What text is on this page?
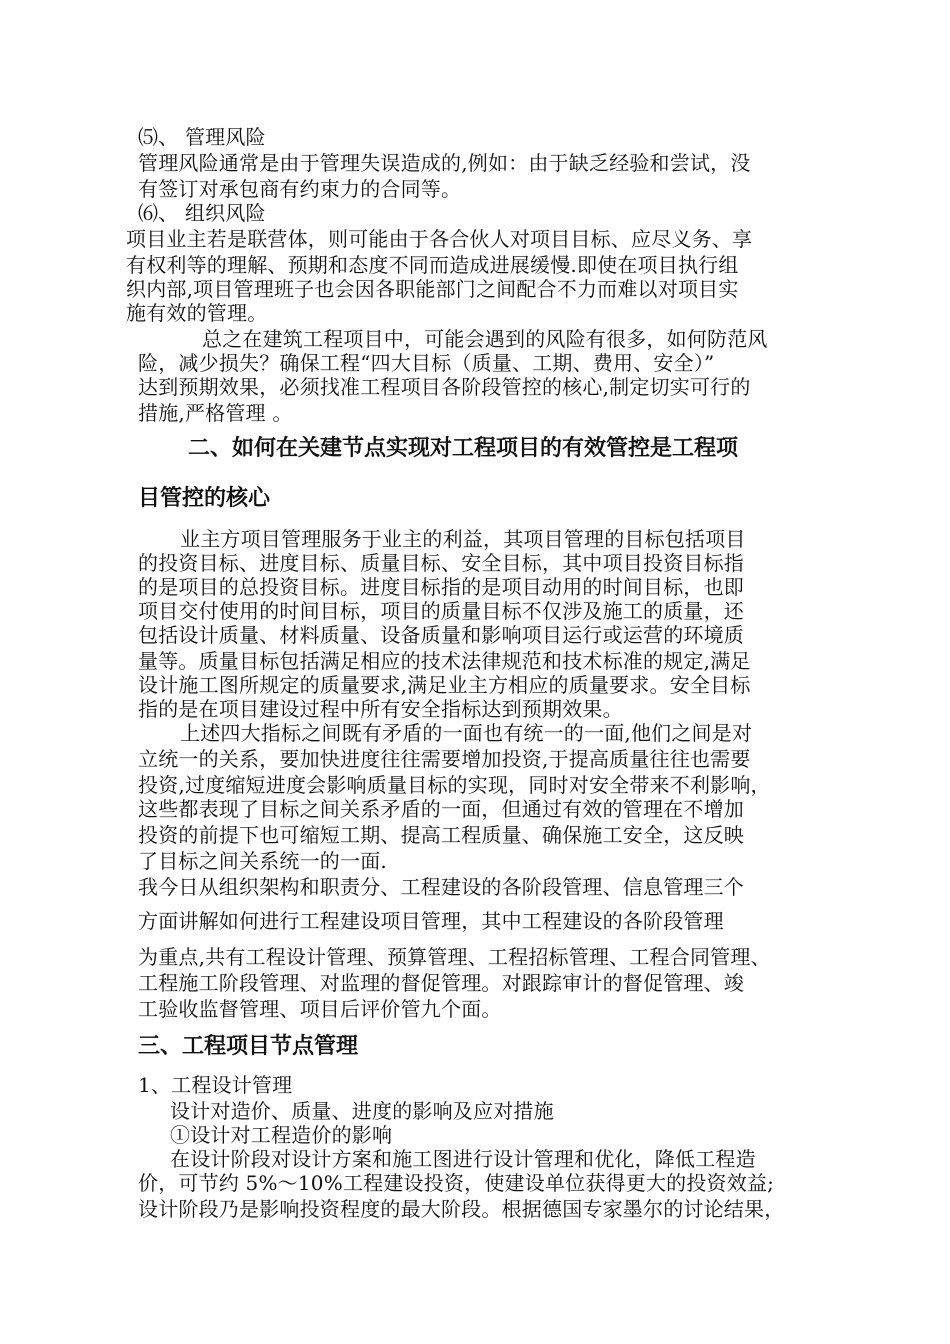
⑸、 管理风险
管理风险通常是由于管理失误造成的,例如：由于缺乏经验和尝试，没
有签订对承包商有约束力的合同等。
⑹、 组织风险
项目业主若是联营体，则可能由于各合伙人对项目目标、应尽义务、享
有权利等的理解、预期和态度不同而造成进展缓慢.即使在项目执行组
织内部,项目管理班子也会因各职能部门之间配合不力而难以对项目实
施有效的管理。
总之在建筑工程项目中，可能会遇到的风险有很多，如何防范风
险，减少损失？确保工程“四大目标（质量、工期、费用、安全）”
达到预期效果，必须找准工程项目各阶段管控的核心,制定切实可行的
措施,严格管理 。
二、如何在关建节点实现对工程项目的有效管控是工程项
目管控的核心
业主方项目管理服务于业主的利益，其项目管理的目标包括项目
的投资目标、进度目标、质量目标、安全目标，其中项目投资目标指
的是项目的总投资目标。进度目标指的是项目动用的时间目标，也即
项目交付使用的时间目标，项目的质量目标不仅涉及施工的质量，还
包括设计质量、材料质量、设备质量和影响项目运行或运营的环境质
量等。质量目标包括满足相应的技术法律规范和技术标准的规定,满足
设计施工图所规定的质量要求,满足业主方相应的质量要求。安全目标
指的是在项目建设过程中所有安全指标达到预期效果。
上述四大指标之间既有矛盾的一面也有统一的一面,他们之间是对
立统一的关系，要加快进度往往需要增加投资,于提高质量往往也需要
投资,过度缩短进度会影响质量目标的实现，同时对安全带来不利影响，
这些都表现了目标之间关系矛盾的一面，但通过有效的管理在不增加
投资的前提下也可缩短工期、提高工程质量、确保施工安全，这反映
了目标之间关系统一的一面.
我今日从组织架构和职责分、工程建设的各阶段管理、信息管理三个
方面讲解如何进行工程建设项目管理，其中工程建设的各阶段管理
为重点,共有工程设计管理、预算管理、工程招标管理、工程合同管理、
工程施工阶段管理、对监理的督促管理。对跟踪审计的督促管理、竣
工验收监督管理、项目后评价管九个面。
三、工程项目节点管理
1、工程设计管理
设计对造价、质量、进度的影响及应对措施
①设计对工程造价的影响
在设计阶段对设计方案和施工图进行设计管理和优化，降低工程造
价，可节约 5%～10%工程建设投资，使建设单位获得更大的投资效益;
设计阶段乃是影响投资程度的最大阶段。根据德国专家墨尔的讨论结果，
